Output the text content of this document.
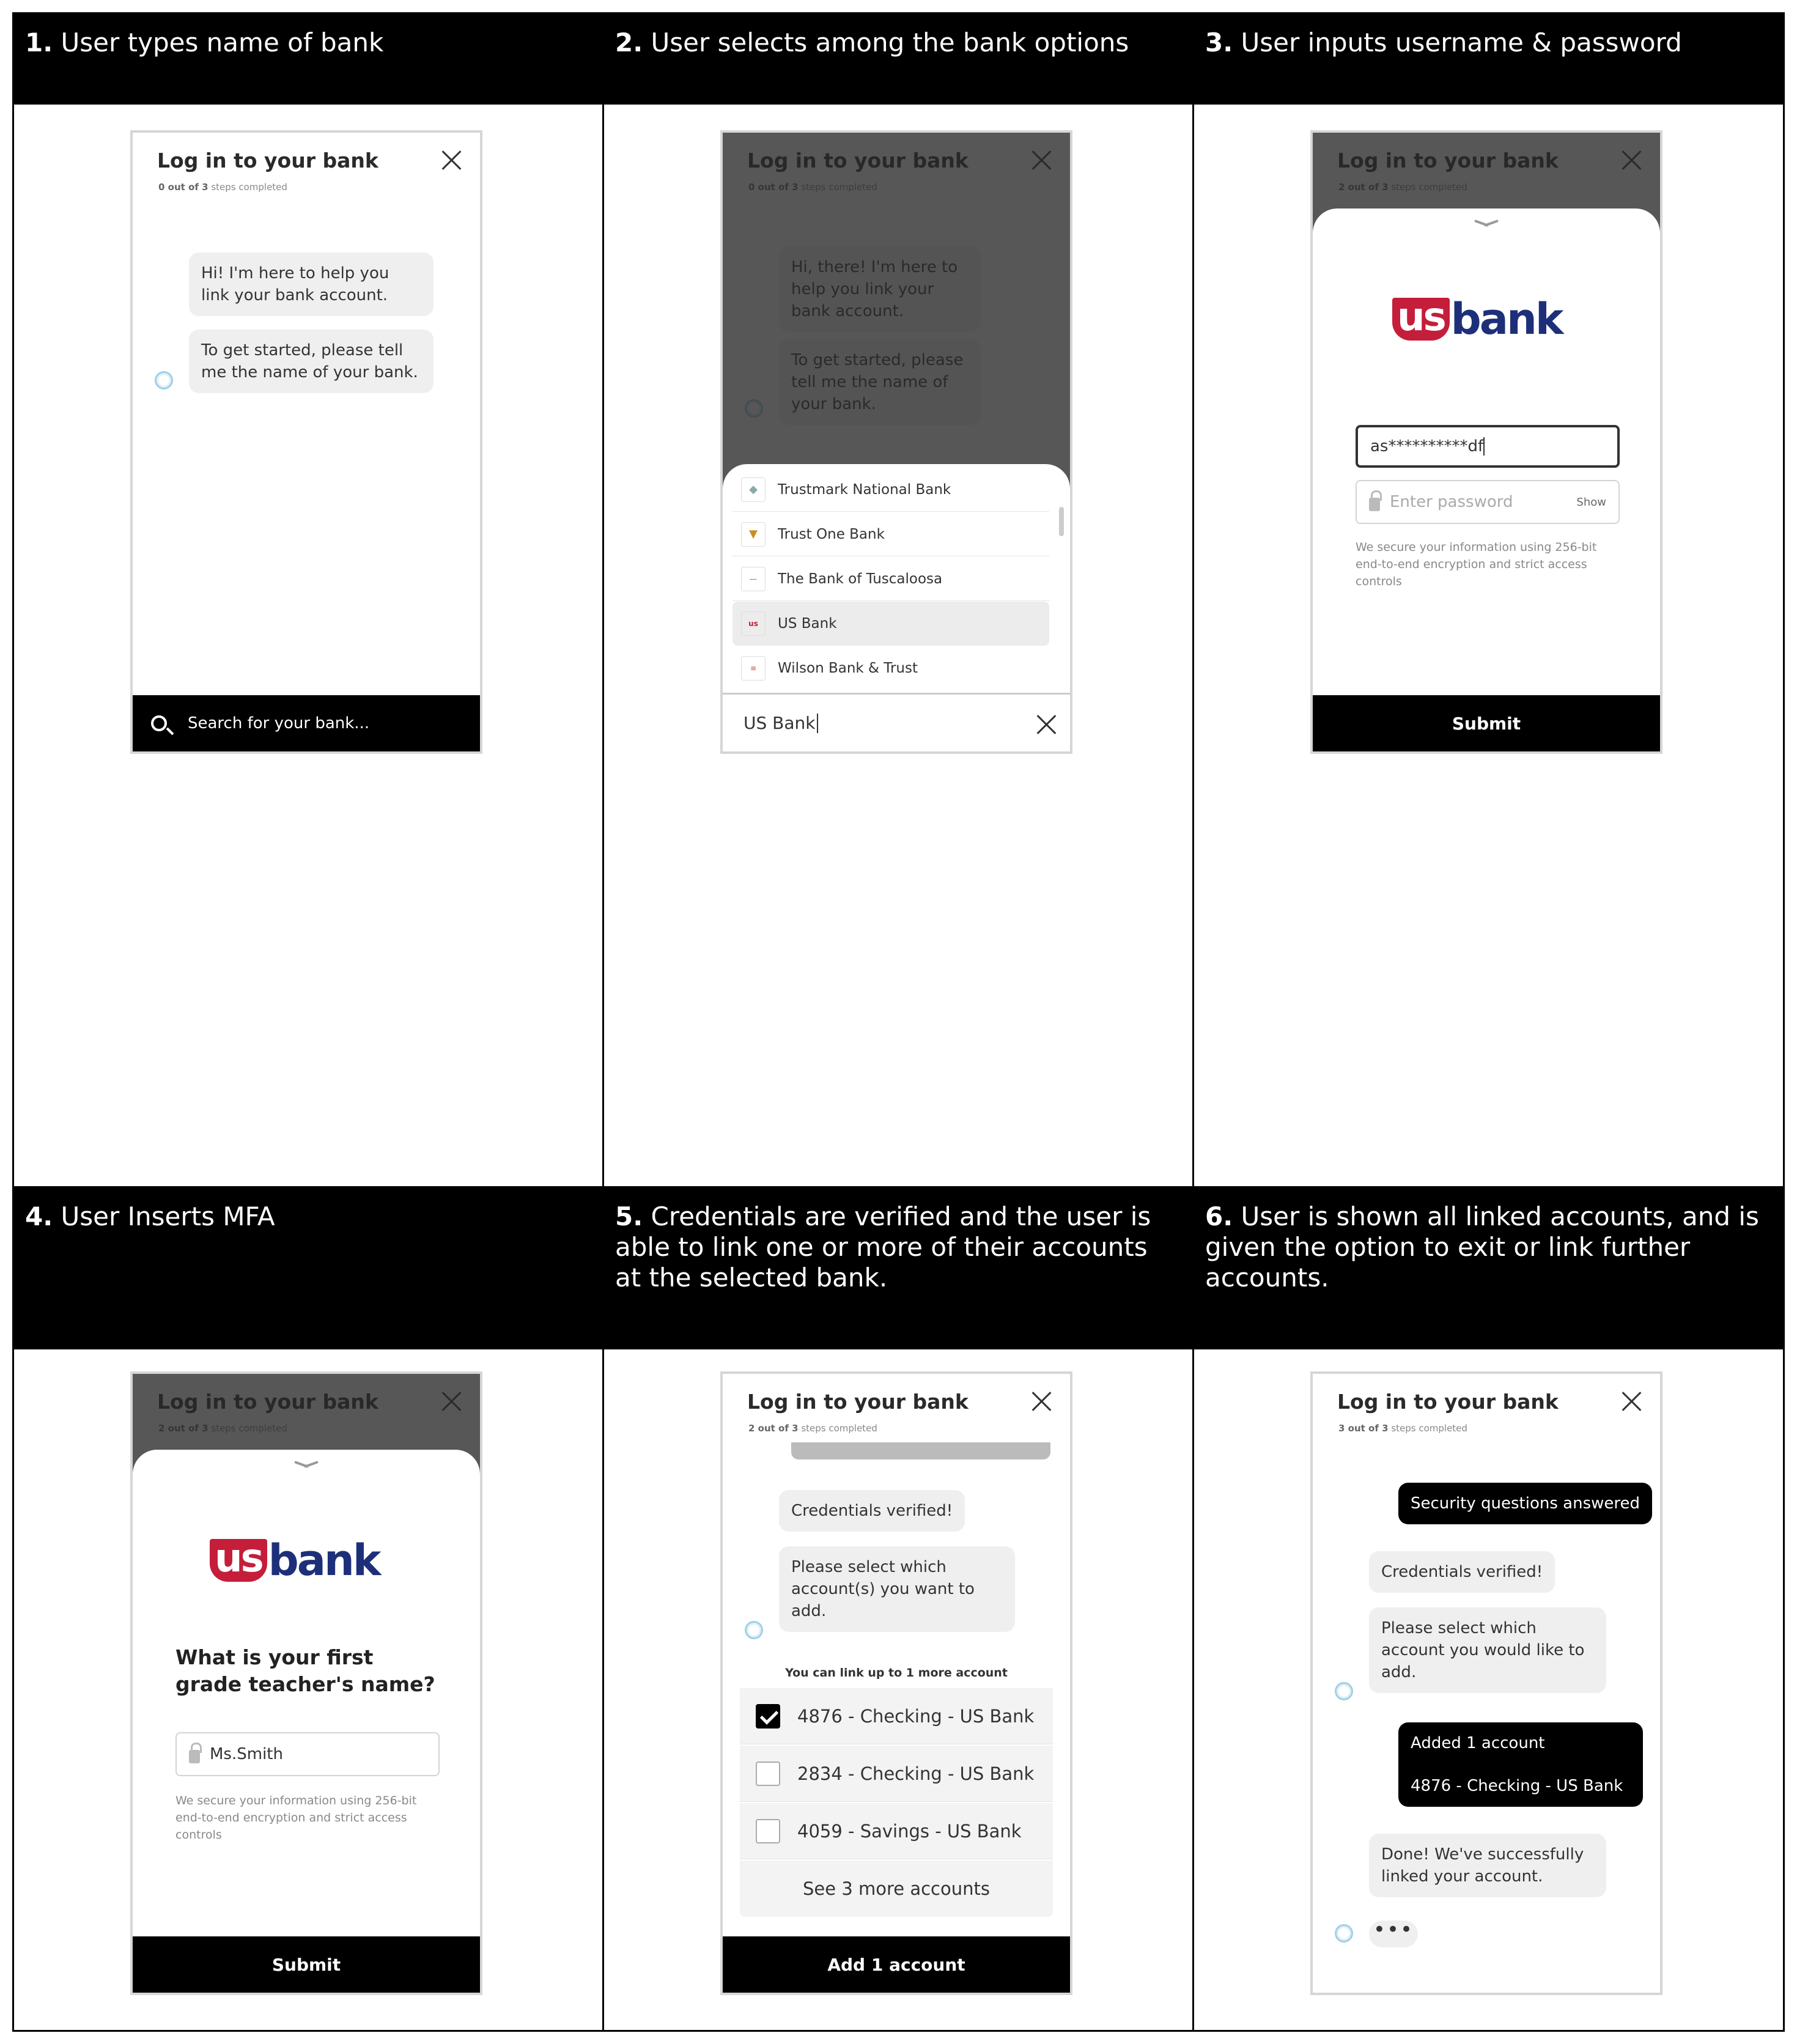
1. User types name of bank
Log in to your bank
0 out of 3 steps completed
Hi! I'm here to help you link your bank account.
To get started, please tell me the name of your bank.
Search for your bank...
2. User selects among the bank options
◆	Trustmark National Bank
▼	Trust One Bank
—	The Bank of Tuscaloosa
us	US Bank
≡	Wilson Bank & Trust
US Bank
3. User inputs username & password
us bank
as**********df
Enter password	Show
We secure your information using 256-bit end-to-end encryption and strict access controls
Submit
4. User Inserts MFA
us bank
What is your first grade teacher's name?
Ms.Smith
We secure your information using 256-bit end-to-end encryption and strict access controls
Submit
5. Credentials are verified and the user is able to link one or more of their accounts at the selected bank.
Log in to your bank
2 out of 3 steps completed
Credentials verified!
Please select which account(s) you want to add.
You can link up to 1 more account
4876 - Checking - US Bank
2834 - Checking - US Bank
4059 - Savings - US Bank
See 3 more accounts
Add 1 account
6. User is shown all linked accounts, and is given the option to exit or link further accounts.
Log in to your bank
3 out of 3 steps completed
Security questions answered
Credentials verified!
Please select which account you would like to add.
Added 1 account
4876 - Checking - US Bank
Done! We've successfully linked your account.
•••
